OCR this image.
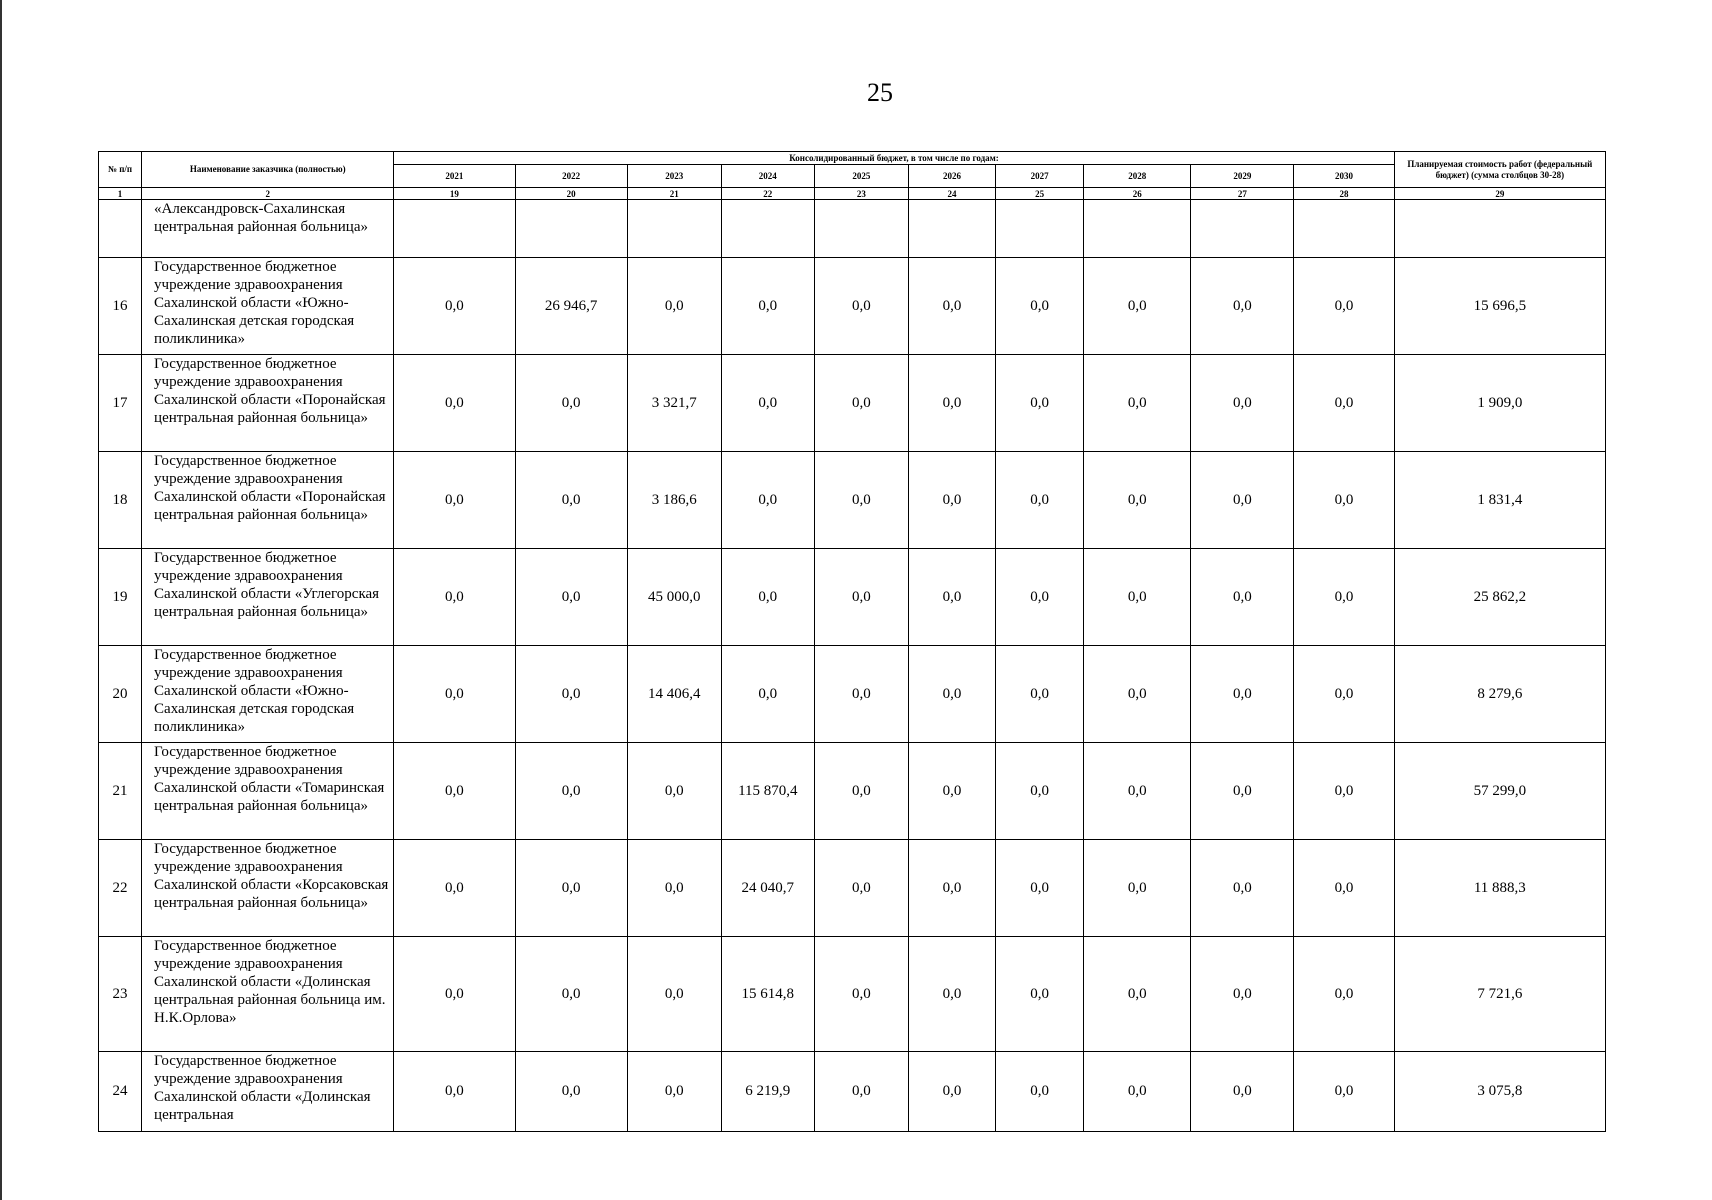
25
№ п/п	Наименование заказчика (полностью)	Консолидированный бюджет, в том числе по годам:										Планируемая стоимость работ (федеральный бюджет) (сумма столбцов 30-28)
		2021	2022	2023	2024	2025	2026	2027	2028	2029	2030	
1	2	19	20	21	22	23	24	25	26	27	28	29
	«Александровск-Сахалинская центральная районная больница»											
16	Государственное бюджетное учреждение здравоохранения Сахалинской области «Южно-Сахалинская детская городская поликлиника»	0,0	26 946,7	0,0	0,0	0,0	0,0	0,0	0,0	0,0	0,0	15 696,5
17	Государственное бюджетное учреждение здравоохранения Сахалинской области «Поронайская центральная районная больница»	0,0	0,0	3 321,7	0,0	0,0	0,0	0,0	0,0	0,0	0,0	1 909,0
18	Государственное бюджетное учреждение здравоохранения Сахалинской области «Поронайская центральная районная больница»	0,0	0,0	3 186,6	0,0	0,0	0,0	0,0	0,0	0,0	0,0	1 831,4
19	Государственное бюджетное учреждение здравоохранения Сахалинской области «Углегорская центральная районная больница»	0,0	0,0	45 000,0	0,0	0,0	0,0	0,0	0,0	0,0	0,0	25 862,2
20	Государственное бюджетное учреждение здравоохранения Сахалинской области «Южно-Сахалинская детская городская поликлиника»	0,0	0,0	14 406,4	0,0	0,0	0,0	0,0	0,0	0,0	0,0	8 279,6
21	Государственное бюджетное учреждение здравоохранения Сахалинской области «Томаринская центральная районная больница»	0,0	0,0	0,0	115 870,4	0,0	0,0	0,0	0,0	0,0	0,0	57 299,0
22	Государственное бюджетное учреждение здравоохранения Сахалинской области «Корсаковская центральная районная больница»	0,0	0,0	0,0	24 040,7	0,0	0,0	0,0	0,0	0,0	0,0	11 888,3
23	Государственное бюджетное учреждение здравоохранения Сахалинской области «Долинская центральная районная больница им. Н.К.Орлова»	0,0	0,0	0,0	15 614,8	0,0	0,0	0,0	0,0	0,0	0,0	7 721,6
24	Государственное бюджетное учреждение здравоохранения Сахалинской области «Долинская центральная	0,0	0,0	0,0	6 219,9	0,0	0,0	0,0	0,0	0,0	0,0	3 075,8
